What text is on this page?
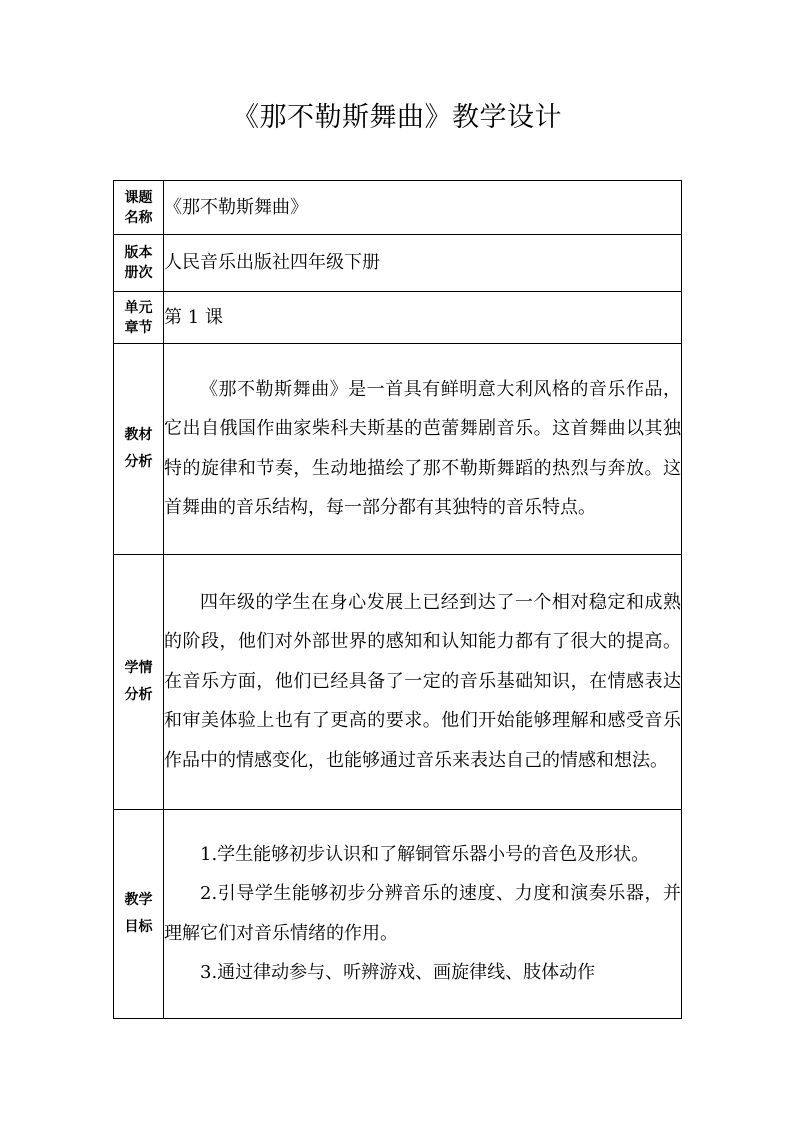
《那不勒斯舞曲》教学设计
课题名称	《那不勒斯舞曲》
版本册次	人民音乐出版社四年级下册
单元章节	第 1 课
教材分析	《那不勒斯舞曲》是一首具有鲜明意大利风格的音乐作品，它出自俄国作曲家柴科夫斯基的芭蕾舞剧音乐。这首舞曲以其独特的旋律和节奏，生动地描绘了那不勒斯舞蹈的热烈与奔放。这首舞曲的音乐结构，每一部分都有其独特的音乐特点。

学情分析	四年级的学生在身心发展上已经到达了一个相对稳定和成熟的阶段，他们对外部世界的感知和认知能力都有了很大的提高。在音乐方面，他们已经具备了一定的音乐基础知识，在情感表达和审美体验上也有了更高的要求。他们开始能够理解和感受音乐作品中的情感变化，也能够通过音乐来表达自己的情感和想法。

教学目标	1.学生能够初步认识和了解铜管乐器小号的音色及形状。

2.引导学生能够初步分辨音乐的速度、力度和演奏乐器，并理解它们对音乐情绪的作用。

3.通过律动参与、听辨游戏、画旋律线、肢体动作
